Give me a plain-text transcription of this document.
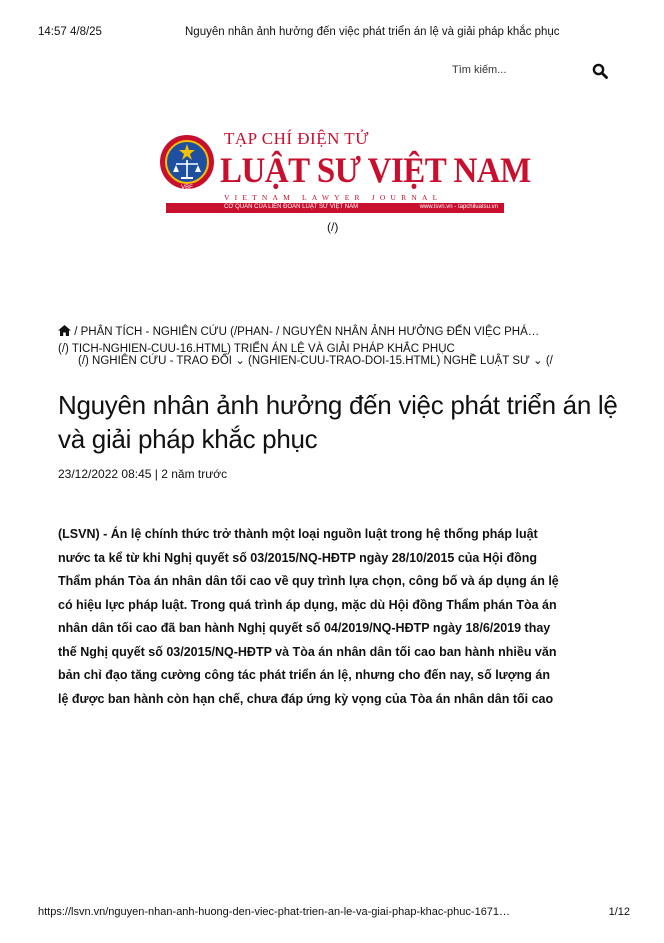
14:57 4/8/25	Nguyên nhân ảnh hưởng đến việc phát triển án lệ và giải pháp khắc phục
Tìm kiếm...
VBF
TẠP CHÍ ĐIỆN TỬ
LUẬT SƯ VIỆT NAM
VIETNAM LAWYER JOURNAL
CƠ QUAN CỦA LIÊN ĐOÀN LUẬT SƯ VIỆT NAM	www.lsvn.vn - tapchiluatsu.vn
(/)
/ PHÂN TÍCH - NGHIÊN CỨU (/PHAN- / NGUYÊN NHÂN ẢNH HƯỞNG ĐẾN VIỆC PHÁ…
(/) TICH-NGHIEN-CUU-16.HTML) TRIỂN ÁN LỆ VÀ GIẢI PHÁP KHẮC PHỤC
(/) NGHIÊN CỨU - TRAO ĐỔI ⌄ (NGHIEN-CUU-TRAO-DOI-15.HTML) NGHỀ LUẬT SƯ ⌄ (/
Nguyên nhân ảnh hưởng đến việc phát triển án lệ và giải pháp khắc phục
23/12/2022 08:45 | 2 năm trước
(LSVN) - Án lệ chính thức trở thành một loại nguồn luật trong hệ thống pháp luật
nước ta kể từ khi Nghị quyết số 03/2015/NQ-HĐTP ngày 28/10/2015 của Hội đồng
Thẩm phán Tòa án nhân dân tối cao về quy trình lựa chọn, công bố và áp dụng án lệ
có hiệu lực pháp luật. Trong quá trình áp dụng, mặc dù Hội đồng Thẩm phán Tòa án
nhân dân tối cao đã ban hành Nghị quyết số 04/2019/NQ-HĐTP ngày 18/6/2019 thay
thế Nghị quyết số 03/2015/NQ-HĐTP và Tòa án nhân dân tối cao ban hành nhiều văn
bản chỉ đạo tăng cường công tác phát triển án lệ, nhưng cho đến nay, số lượng án
lệ được ban hành còn hạn chế, chưa đáp ứng kỳ vọng của Tòa án nhân dân tối cao
https://lsvn.vn/nguyen-nhan-anh-huong-den-viec-phat-trien-an-le-va-giai-phap-khac-phuc-1671…	1/12
